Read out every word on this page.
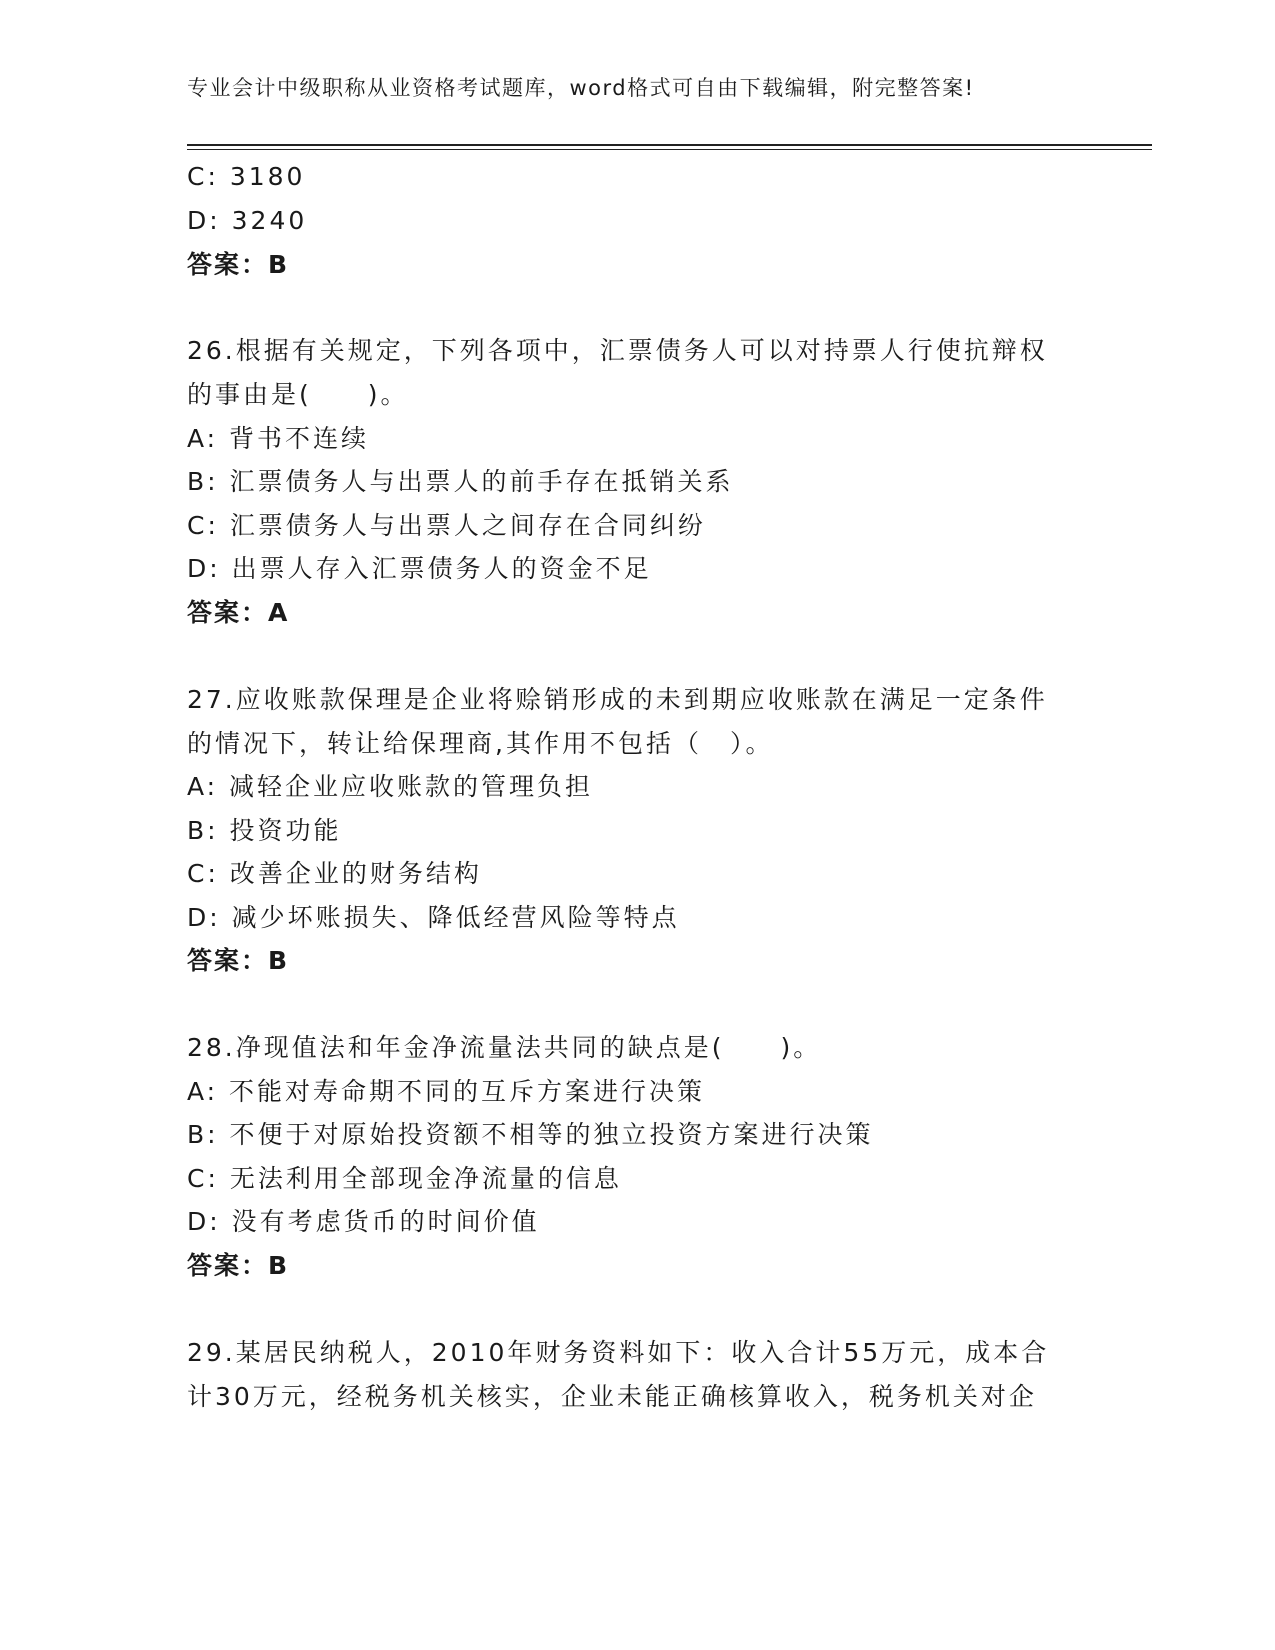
专业会计中级职称从业资格考试题库，word格式可自由下载编辑，附完整答案!
C: 3180
D: 3240
答案：B
26.根据有关规定，下列各项中，汇票债务人可以对持票人行使抗辩权
的事由是(　　)。
A: 背书不连续
B: 汇票债务人与出票人的前手存在抵销关系
C: 汇票债务人与出票人之间存在合同纠纷
D: 出票人存入汇票债务人的资金不足
答案：A
27.应收账款保理是企业将赊销形成的未到期应收账款在满足一定条件
的情况下，转让给保理商,其作用不包括（　）。
A: 减轻企业应收账款的管理负担
B: 投资功能
C: 改善企业的财务结构
D: 减少坏账损失、降低经营风险等特点
答案：B
28.净现值法和年金净流量法共同的缺点是(　　)。
A: 不能对寿命期不同的互斥方案进行决策
B: 不便于对原始投资额不相等的独立投资方案进行决策
C: 无法利用全部现金净流量的信息
D: 没有考虑货币的时间价值
答案：B
29.某居民纳税人，2010年财务资料如下：收入合计55万元，成本合
计30万元，经税务机关核实，企业未能正确核算收入，税务机关对企
